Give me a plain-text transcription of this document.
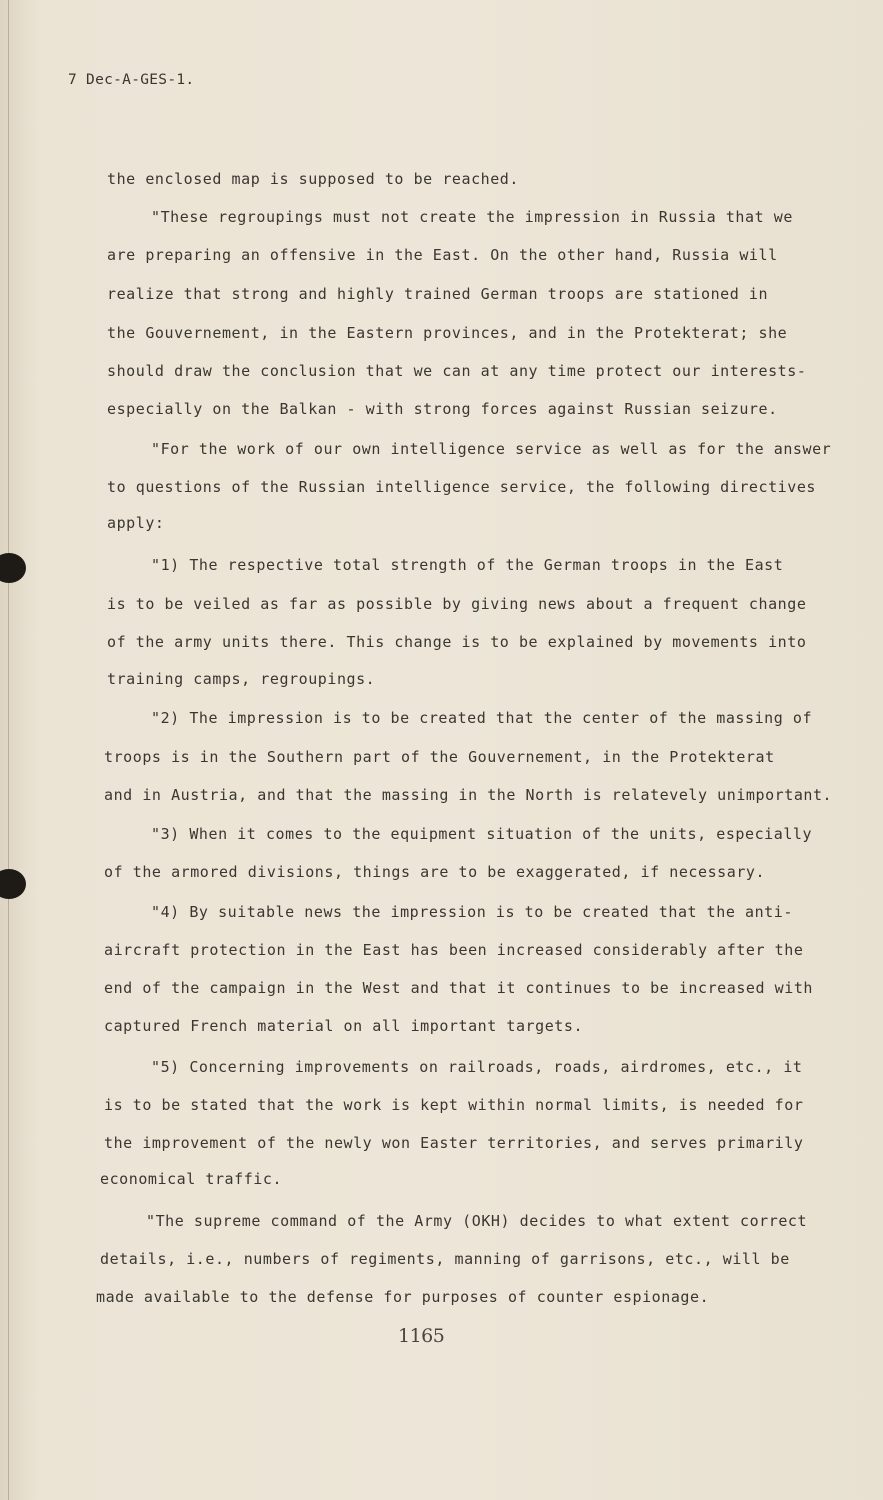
7 Dec-A-GES-1.
the enclosed map is supposed to be reached.
"These regroupings must not create the impression in Russia that we
are preparing an offensive in the East. On the other hand, Russia will
realize that strong and highly trained German troops are stationed in
the Gouvernement, in the Eastern provinces, and in the Protekterat; she
should draw the conclusion that we can at any time protect our interests-
especially on the Balkan - with strong forces against Russian seizure.
"For the work of our own intelligence service as well as for the answer
to questions of the Russian intelligence service, the following directives
apply:
"1) The respective total strength of the German troops in the East
is to be veiled as far as possible by giving news about a frequent change
of the army units there. This change is to be explained by movements into
training camps, regroupings.
"2) The impression is to be created that the center of the massing of
troops is in the Southern part of the Gouvernement, in the Protekterat
and in Austria, and that the massing in the North is relatevely unimportant.
"3) When it comes to the equipment situation of the units, especially
of the armored divisions, things are to be exaggerated, if necessary.
"4) By suitable news the impression is to be created that the anti-
aircraft protection in the East has been increased considerably after the
end of the campaign in the West and that it continues to be increased with
captured French material on all important targets.
"5) Concerning improvements on railroads, roads, airdromes, etc., it
is to be stated that the work is kept within normal limits, is needed for
the improvement of the newly won Easter territories, and serves primarily
economical traffic.
"The supreme command of the Army (OKH) decides to what extent correct
details, i.e., numbers of regiments, manning of garrisons, etc., will be
made available to the defense for purposes of counter espionage.
1165
